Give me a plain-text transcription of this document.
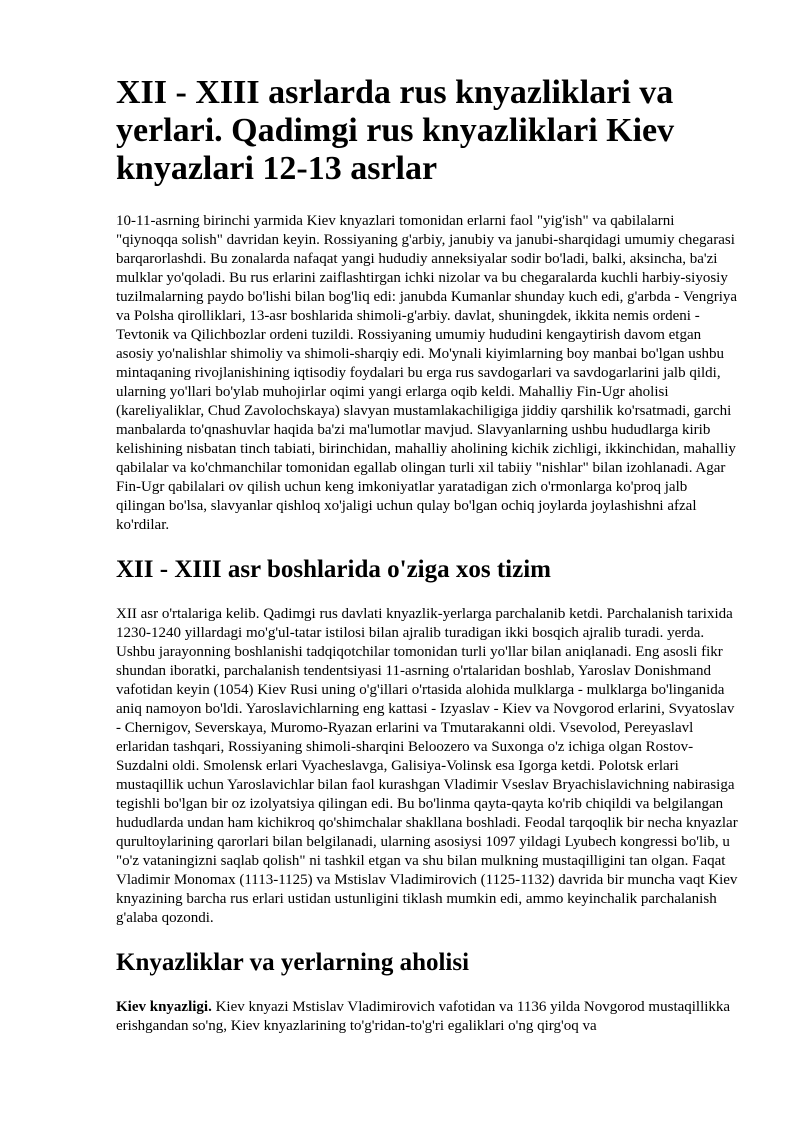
XII - XIII asrlarda rus knyazliklari va yerlari. Qadimgi rus knyazliklari Kiev knyazlari 12-13 asrlar

10-11-asrning birinchi yarmida Kiev knyazlari tomonidan erlarni faol "yig'ish" va qabilalarni "qiynoqqa solish" davridan keyin. Rossiyaning g'arbiy, janubiy va janubi-sharqidagi umumiy chegarasi barqarorlashdi. Bu zonalarda nafaqat yangi hududiy anneksiyalar sodir bo'ladi, balki, aksincha, ba'zi mulklar yo'qoladi. Bu rus erlarini zaiflashtirgan ichki nizolar va bu chegaralarda kuchli harbiy-siyosiy tuzilmalarning paydo bo'lishi bilan bog'liq edi: janubda Kumanlar shunday kuch edi, g'arbda - Vengriya va Polsha qirolliklari, 13-asr boshlarida shimoli-g'arbiy. davlat, shuningdek, ikkita nemis ordeni - Tevtonik va Qilichbozlar ordeni tuzildi. Rossiyaning umumiy hududini kengaytirish davom etgan asosiy yo'nalishlar shimoliy va shimoli-sharqiy edi. Mo'ynali kiyimlarning boy manbai bo'lgan ushbu mintaqaning rivojlanishining iqtisodiy foydalari bu erga rus savdogarlari va savdogarlarini jalb qildi, ularning yo'llari bo'ylab muhojirlar oqimi yangi erlarga oqib keldi. Mahalliy Fin-Ugr aholisi (kareliyaliklar, Chud Zavolochskaya) slavyan mustamlakachiligiga jiddiy qarshilik ko'rsatmadi, garchi manbalarda to'qnashuvlar haqida ba'zi ma'lumotlar mavjud. Slavyanlarning ushbu hududlarga kirib kelishining nisbatan tinch tabiati, birinchidan, mahalliy aholining kichik zichligi, ikkinchidan, mahalliy qabilalar va ko'chmanchilar tomonidan egallab olingan turli xil tabiiy "nishlar" bilan izohlanadi. Agar Fin-Ugr qabilalari ov qilish uchun keng imkoniyatlar yaratadigan zich o'rmonlarga ko'proq jalb qilingan bo'lsa, slavyanlar qishloq xo'jaligi uchun qulay bo'lgan ochiq joylarda joylashishni afzal ko'rdilar.

XII - XIII asr boshlarida o'ziga xos tizim

XII asr o'rtalariga kelib. Qadimgi rus davlati knyazlik-yerlarga parchalanib ketdi. Parchalanish tarixida 1230-1240 yillardagi mo'g'ul-tatar istilosi bilan ajralib turadigan ikki bosqich ajralib turadi. yerda. Ushbu jarayonning boshlanishi tadqiqotchilar tomonidan turli yo'llar bilan aniqlanadi. Eng asosli fikr shundan iboratki, parchalanish tendentsiyasi 11-asrning o'rtalaridan boshlab, Yaroslav Donishmand vafotidan keyin (1054) Kiev Rusi uning o'g'illari o'rtasida alohida mulklarga - mulklarga bo'linganida aniq namoyon bo'ldi. Yaroslavichlarning eng kattasi - Izyaslav - Kiev va Novgorod erlarini, Svyatoslav - Chernigov, Severskaya, Muromo-Ryazan erlarini va Tmutarakanni oldi. Vsevolod, Pereyaslavl erlaridan tashqari, Rossiyaning shimoli-sharqini Beloozero va Suxonga o'z ichiga olgan Rostov-Suzdalni oldi. Smolensk erlari Vyacheslavga, Galisiya-Volinsk esa Igorga ketdi. Polotsk erlari mustaqillik uchun Yaroslavichlar bilan faol kurashgan Vladimir Vseslav Bryachislavichning nabirasiga tegishli bo'lgan bir oz izolyatsiya qilingan edi. Bu bo'linma qayta-qayta ko'rib chiqildi va belgilangan hududlarda undan ham kichikroq qo'shimchalar shakllana boshladi. Feodal tarqoqlik bir necha knyazlar qurultoylarining qarorlari bilan belgilanadi, ularning asosiysi 1097 yildagi Lyubech kongressi bo'lib, u "o'z vataningizni saqlab qolish" ni tashkil etgan va shu bilan mulkning mustaqilligini tan olgan. Faqat Vladimir Monomax (1113-1125) va Mstislav Vladimirovich (1125-1132) davrida bir muncha vaqt Kiev knyazining barcha rus erlari ustidan ustunligini tiklash mumkin edi, ammo keyinchalik parchalanish g'alaba qozondi.

Knyazliklar va yerlarning aholisi

Kiev knyazligi. Kiev knyazi Mstislav Vladimirovich vafotidan va 1136 yilda Novgorod mustaqillikka erishgandan so'ng, Kiev knyazlarining to'g'ridan-to'g'ri egaliklari o'ng qirg'oq va
